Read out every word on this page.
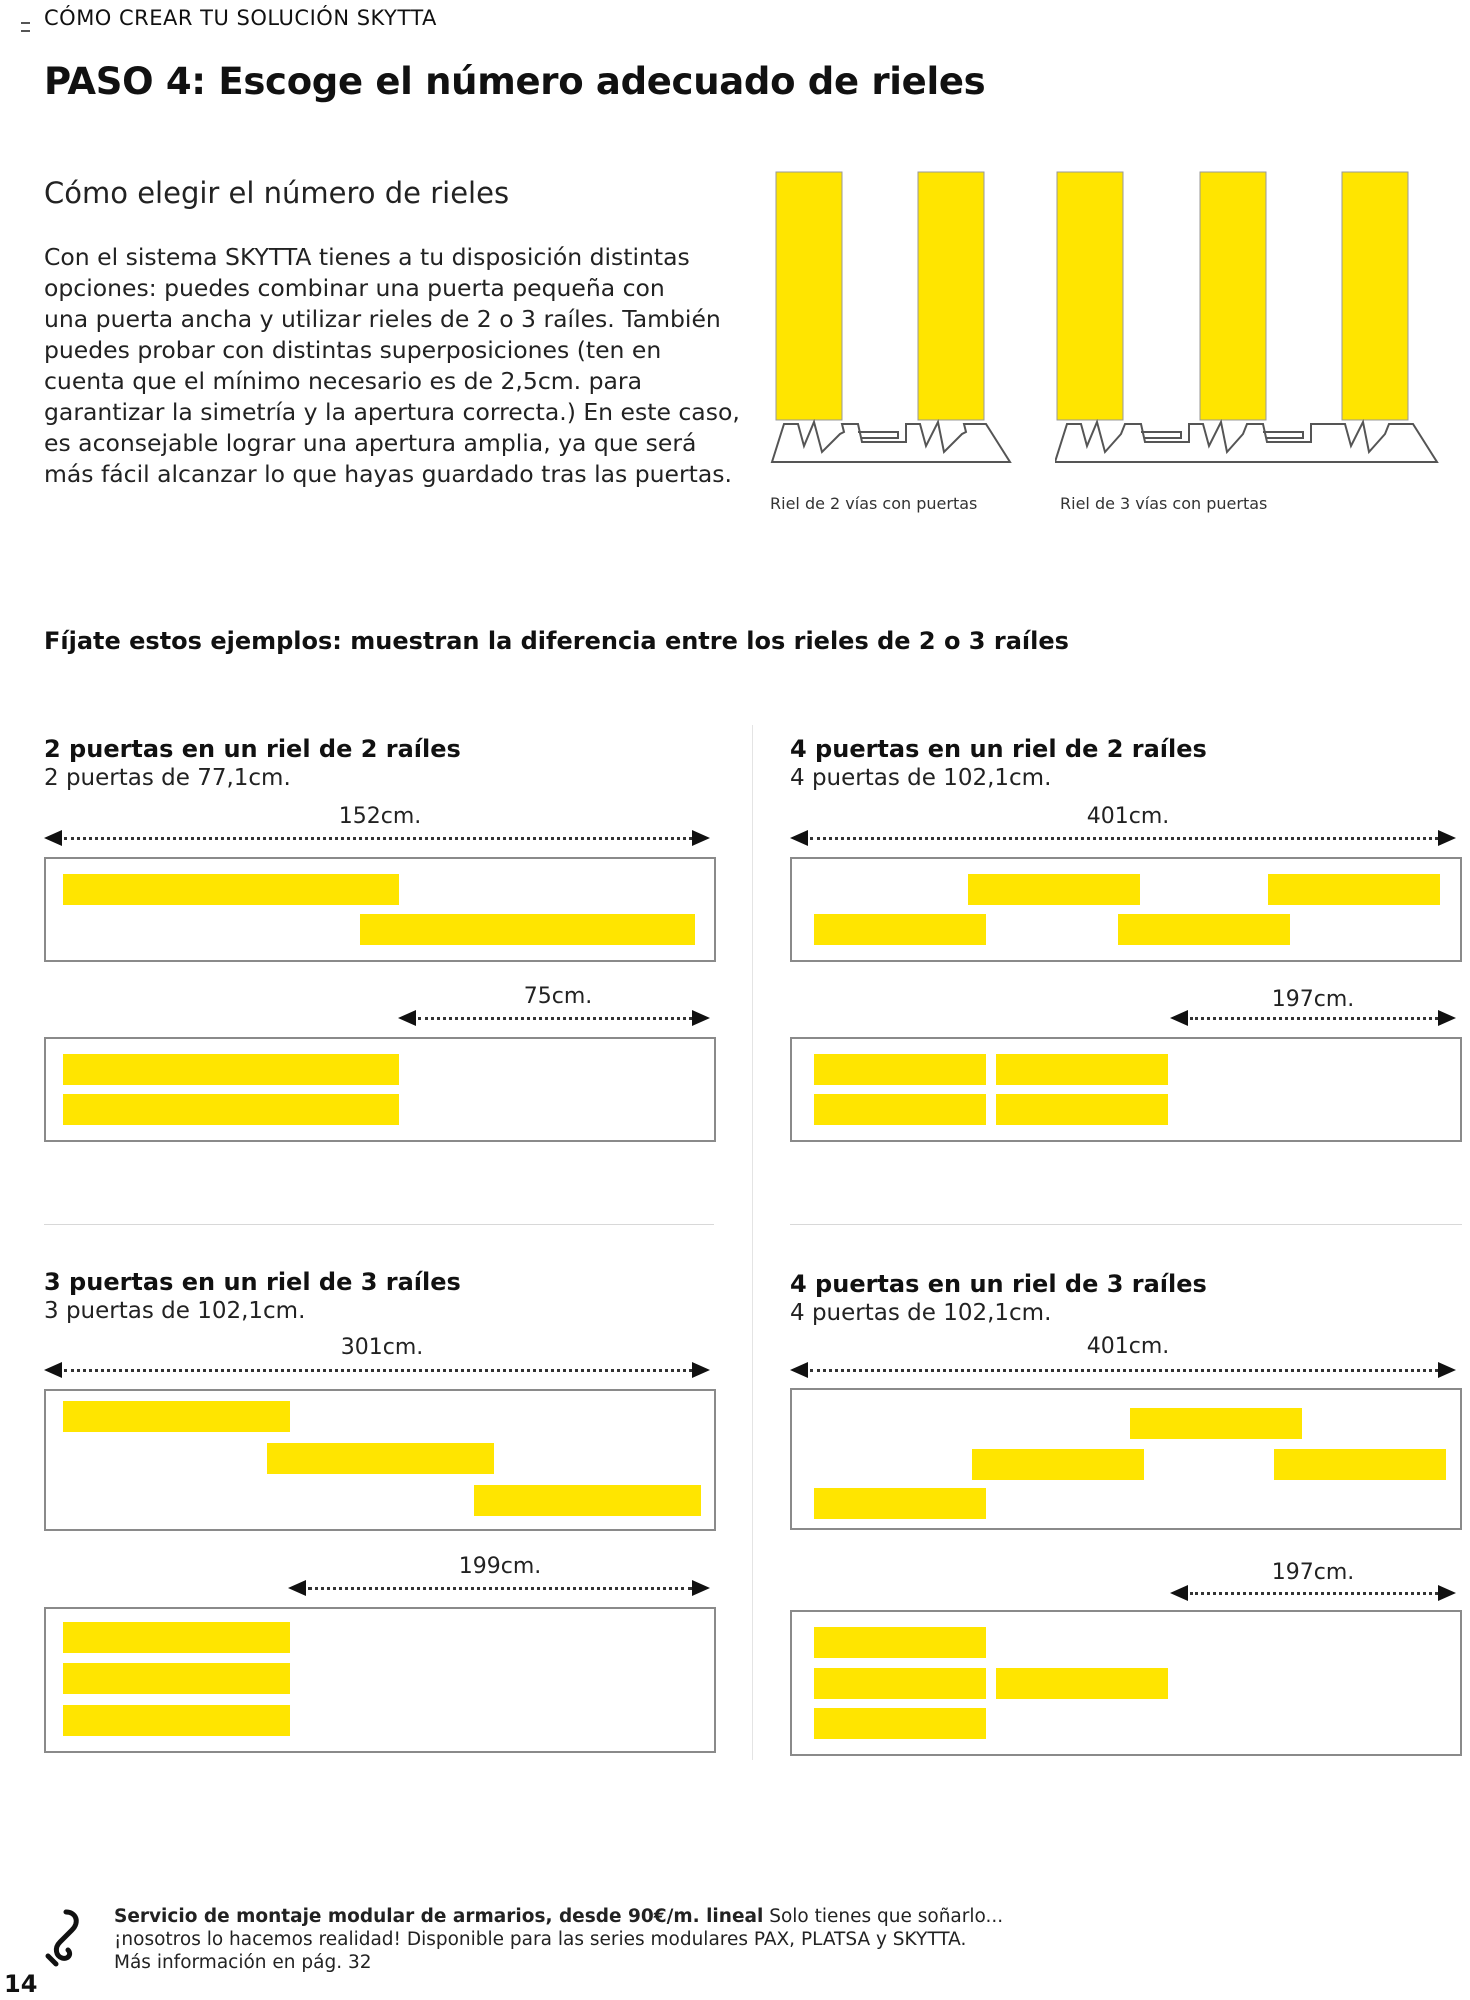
CÓMO CREAR TU SOLUCIÓN SKYTTA
PASO 4: Escoge el número adecuado de rieles
Cómo elegir el número de rieles
Con el sistema SKYTTA tienes a tu disposición distintas
opciones: puedes combinar una puerta pequeña con
una puerta ancha y utilizar rieles de 2 o 3 raíles. También
puedes probar con distintas superposiciones (ten en
cuenta que el mínimo necesario es de 2,5cm. para
garantizar la simetría y la apertura correcta.) En este caso,
es aconsejable lograr una apertura amplia, ya que será
más fácil alcanzar lo que hayas guardado tras las puertas.
Riel de 2 vías con puertas	Riel de 3 vías con puertas
Fíjate estos ejemplos: muestran la diferencia entre los rieles de 2 o 3 raíles
2 puertas en un riel de 2 raíles
2 puertas de 77,1cm.
152cm.
75cm.
4 puertas en un riel de 2 raíles
4 puertas de 102,1cm.
401cm.
197cm.
3 puertas en un riel de 3 raíles
3 puertas de 102,1cm.
301cm.
199cm.
4 puertas en un riel de 3 raíles
4 puertas de 102,1cm.
401cm.
197cm.
Servicio de montaje modular de armarios, desde 90€/m. lineal Solo tienes que soñarlo...
¡nosotros lo hacemos realidad! Disponible para las series modulares PAX, PLATSA y SKYTTA.
Más información en pág. 32
14
